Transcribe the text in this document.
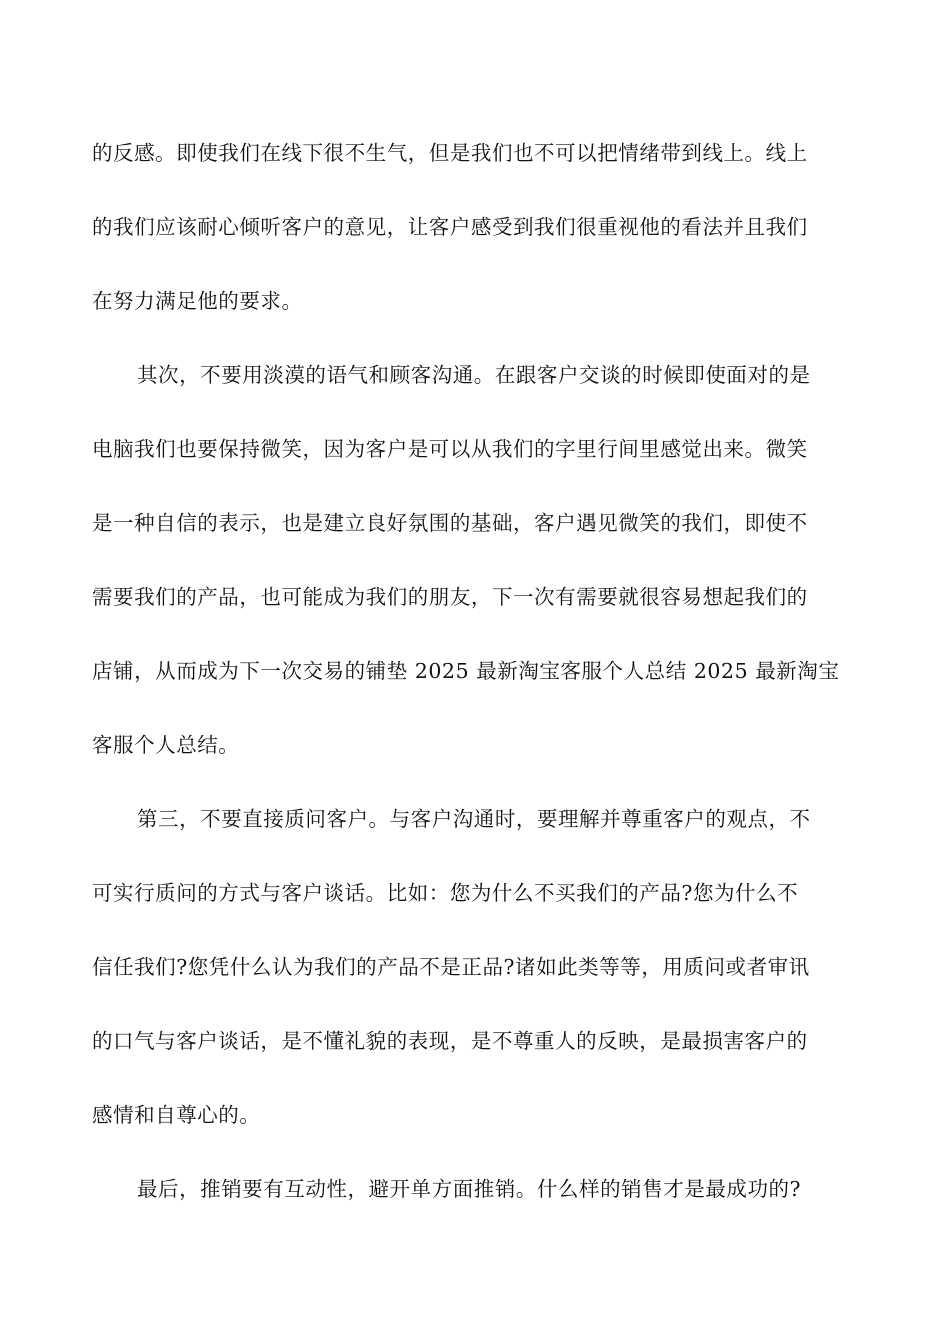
的反感。即使我们在线下很不生气，但是我们也不可以把情绪带到线上。线上
的我们应该耐心倾听客户的意见，让客户感受到我们很重视他的看法并且我们
在努力满足他的要求。
其次，不要用淡漠的语气和顾客沟通。在跟客户交谈的时候即使面对的是
电脑我们也要保持微笑，因为客户是可以从我们的字里行间里感觉出来。微笑
是一种自信的表示，也是建立良好氛围的基础，客户遇见微笑的我们，即使不
需要我们的产品，也可能成为我们的朋友，下一次有需要就很容易想起我们的
店铺，从而成为下一次交易的铺垫 2025 最新淘宝客服个人总结 2025 最新淘宝
客服个人总结。
第三，不要直接质问客户。与客户沟通时，要理解并尊重客户的观点，不
可实行质问的方式与客户谈话。比如：您为什么不买我们的产品?您为什么不
信任我们?您凭什么认为我们的产品不是正品?诸如此类等等，用质问或者审讯
的口气与客户谈话，是不懂礼貌的表现，是不尊重人的反映，是最损害客户的
感情和自尊心的。
最后，推销要有互动性，避开单方面推销。什么样的销售才是最成功的?
